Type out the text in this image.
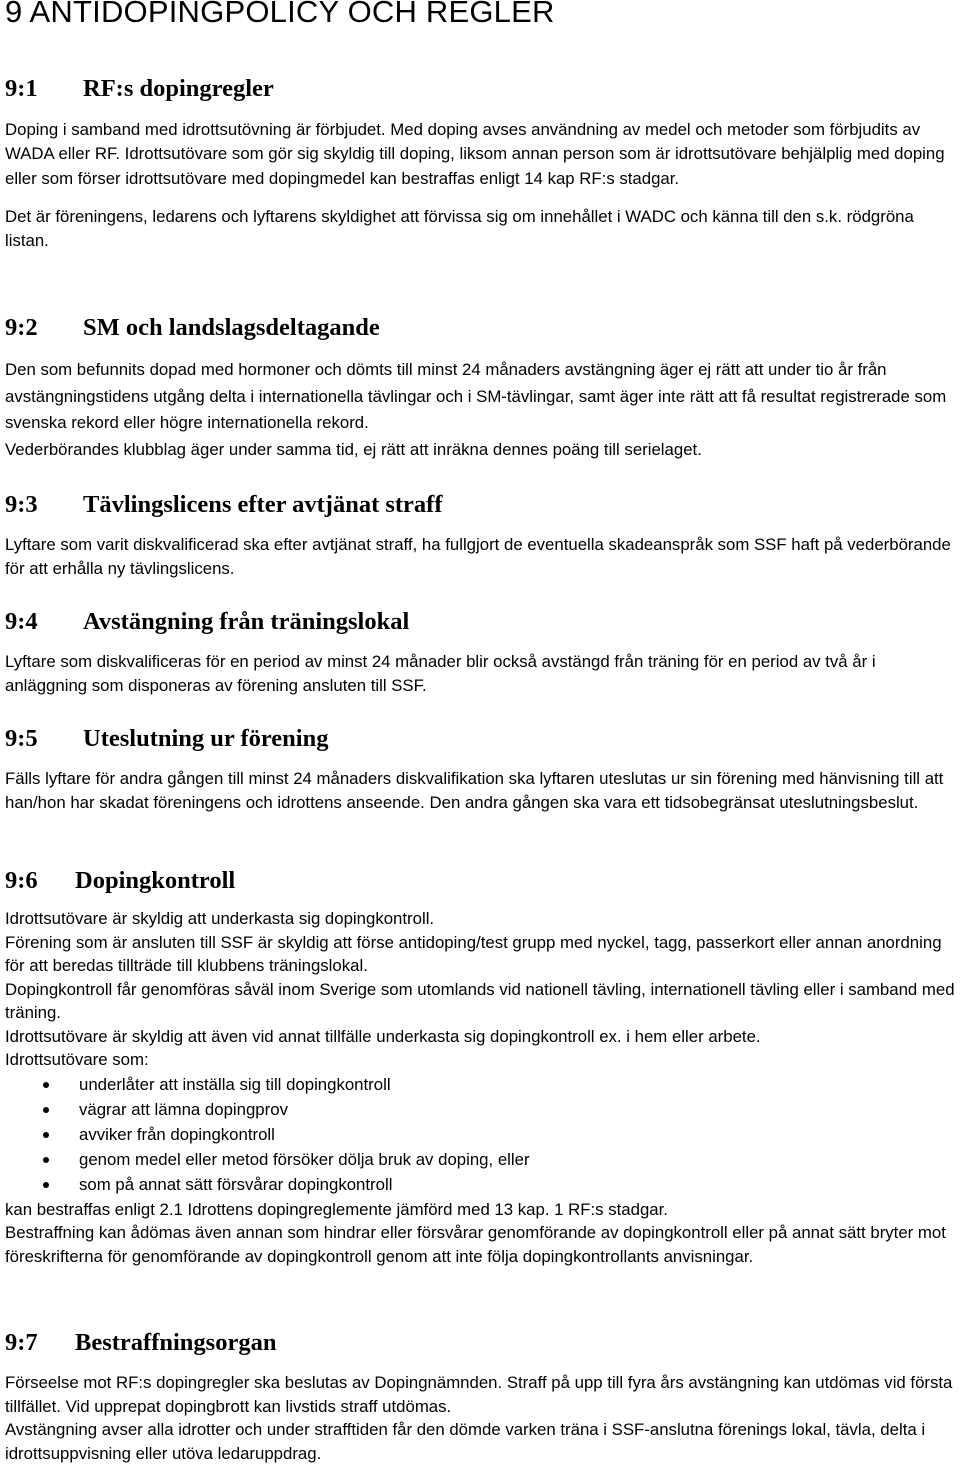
9 ANTIDOPINGPOLICY OCH REGLER
9:1 RF:s dopingregler

Doping i samband med idrottsutövning är förbjudet. Med doping avses användning av medel och metoder som förbjudits av WADA eller RF. Idrottsutövare som gör sig skyldig till doping, liksom annan person som är idrottsutövare behjälplig med doping eller som förser idrottsutövare med dopingmedel kan bestraffas enligt 14 kap RF:s stadgar.

Det är föreningens, ledarens och lyftarens skyldighet att förvissa sig om innehållet i WADC och känna till den s.k. rödgröna listan.

9:2 SM och landslagsdeltagande

Den som befunnits dopad med hormoner och dömts till minst 24 månaders avstängning äger ej rätt att under tio år från avstängningstidens utgång delta i internationella tävlingar och i SM-tävlingar, samt äger inte rätt att få resultat registrerade som svenska rekord eller högre internationella rekord.

Vederbörandes klubblag äger under samma tid, ej rätt att inräkna dennes poäng till serielaget.

9:3 Tävlingslicens efter avtjänat straff

Lyftare som varit diskvalificerad ska efter avtjänat straff, ha fullgjort de eventuella skadeanspråk som SSF haft på vederbörande för att erhålla ny tävlingslicens.

9:4 Avstängning från träningslokal

Lyftare som diskvalificeras för en period av minst 24 månader blir också avstängd från träning för en period av två år i anläggning som disponeras av förening ansluten till SSF.

9:5 Uteslutning ur förening

Fälls lyftare för andra gången till minst 24 månaders diskvalifikation ska lyftaren uteslutas ur sin förening med hänvisning till att han/hon har skadat föreningens och idrottens anseende. Den andra gången ska vara ett tidsobegränsat uteslutningsbeslut.

9:6 Dopingkontroll

Idrottsutövare är skyldig att underkasta sig dopingkontroll.

Förening som är ansluten till SSF är skyldig att förse antidoping/test grupp med nyckel, tagg, passerkort eller annan anordning för att beredas tillträde till klubbens träningslokal.

Dopingkontroll får genomföras såväl inom Sverige som utomlands vid nationell tävling, internationell tävling eller i samband med träning.

Idrottsutövare är skyldig att även vid annat tillfälle underkasta sig dopingkontroll ex. i hem eller arbete.

Idrottsutövare som:

underlåter att inställa sig till dopingkontroll
vägrar att lämna dopingprov
avviker från dopingkontroll
genom medel eller metod försöker dölja bruk av doping, eller
som på annat sätt försvårar dopingkontroll

kan bestraffas enligt 2.1 Idrottens dopingreglemente jämförd med 13 kap. 1 RF:s stadgar.

Bestraffning kan ådömas även annan som hindrar eller försvårar genomförande av dopingkontroll eller på annat sätt bryter mot föreskrifterna för genomförande av dopingkontroll genom att inte följa dopingkontrollants anvisningar.

9:7 Bestraffningsorgan

Förseelse mot RF:s dopingregler ska beslutas av Dopingnämnden. Straff på upp till fyra års avstängning kan utdömas vid första tillfället. Vid upprepat dopingbrott kan livstids straff utdömas.

Avstängning avser alla idrotter och under strafftiden får den dömde varken träna i SSF-anslutna förenings lokal, tävla, delta i idrottsuppvisning eller utöva ledaruppdrag.
